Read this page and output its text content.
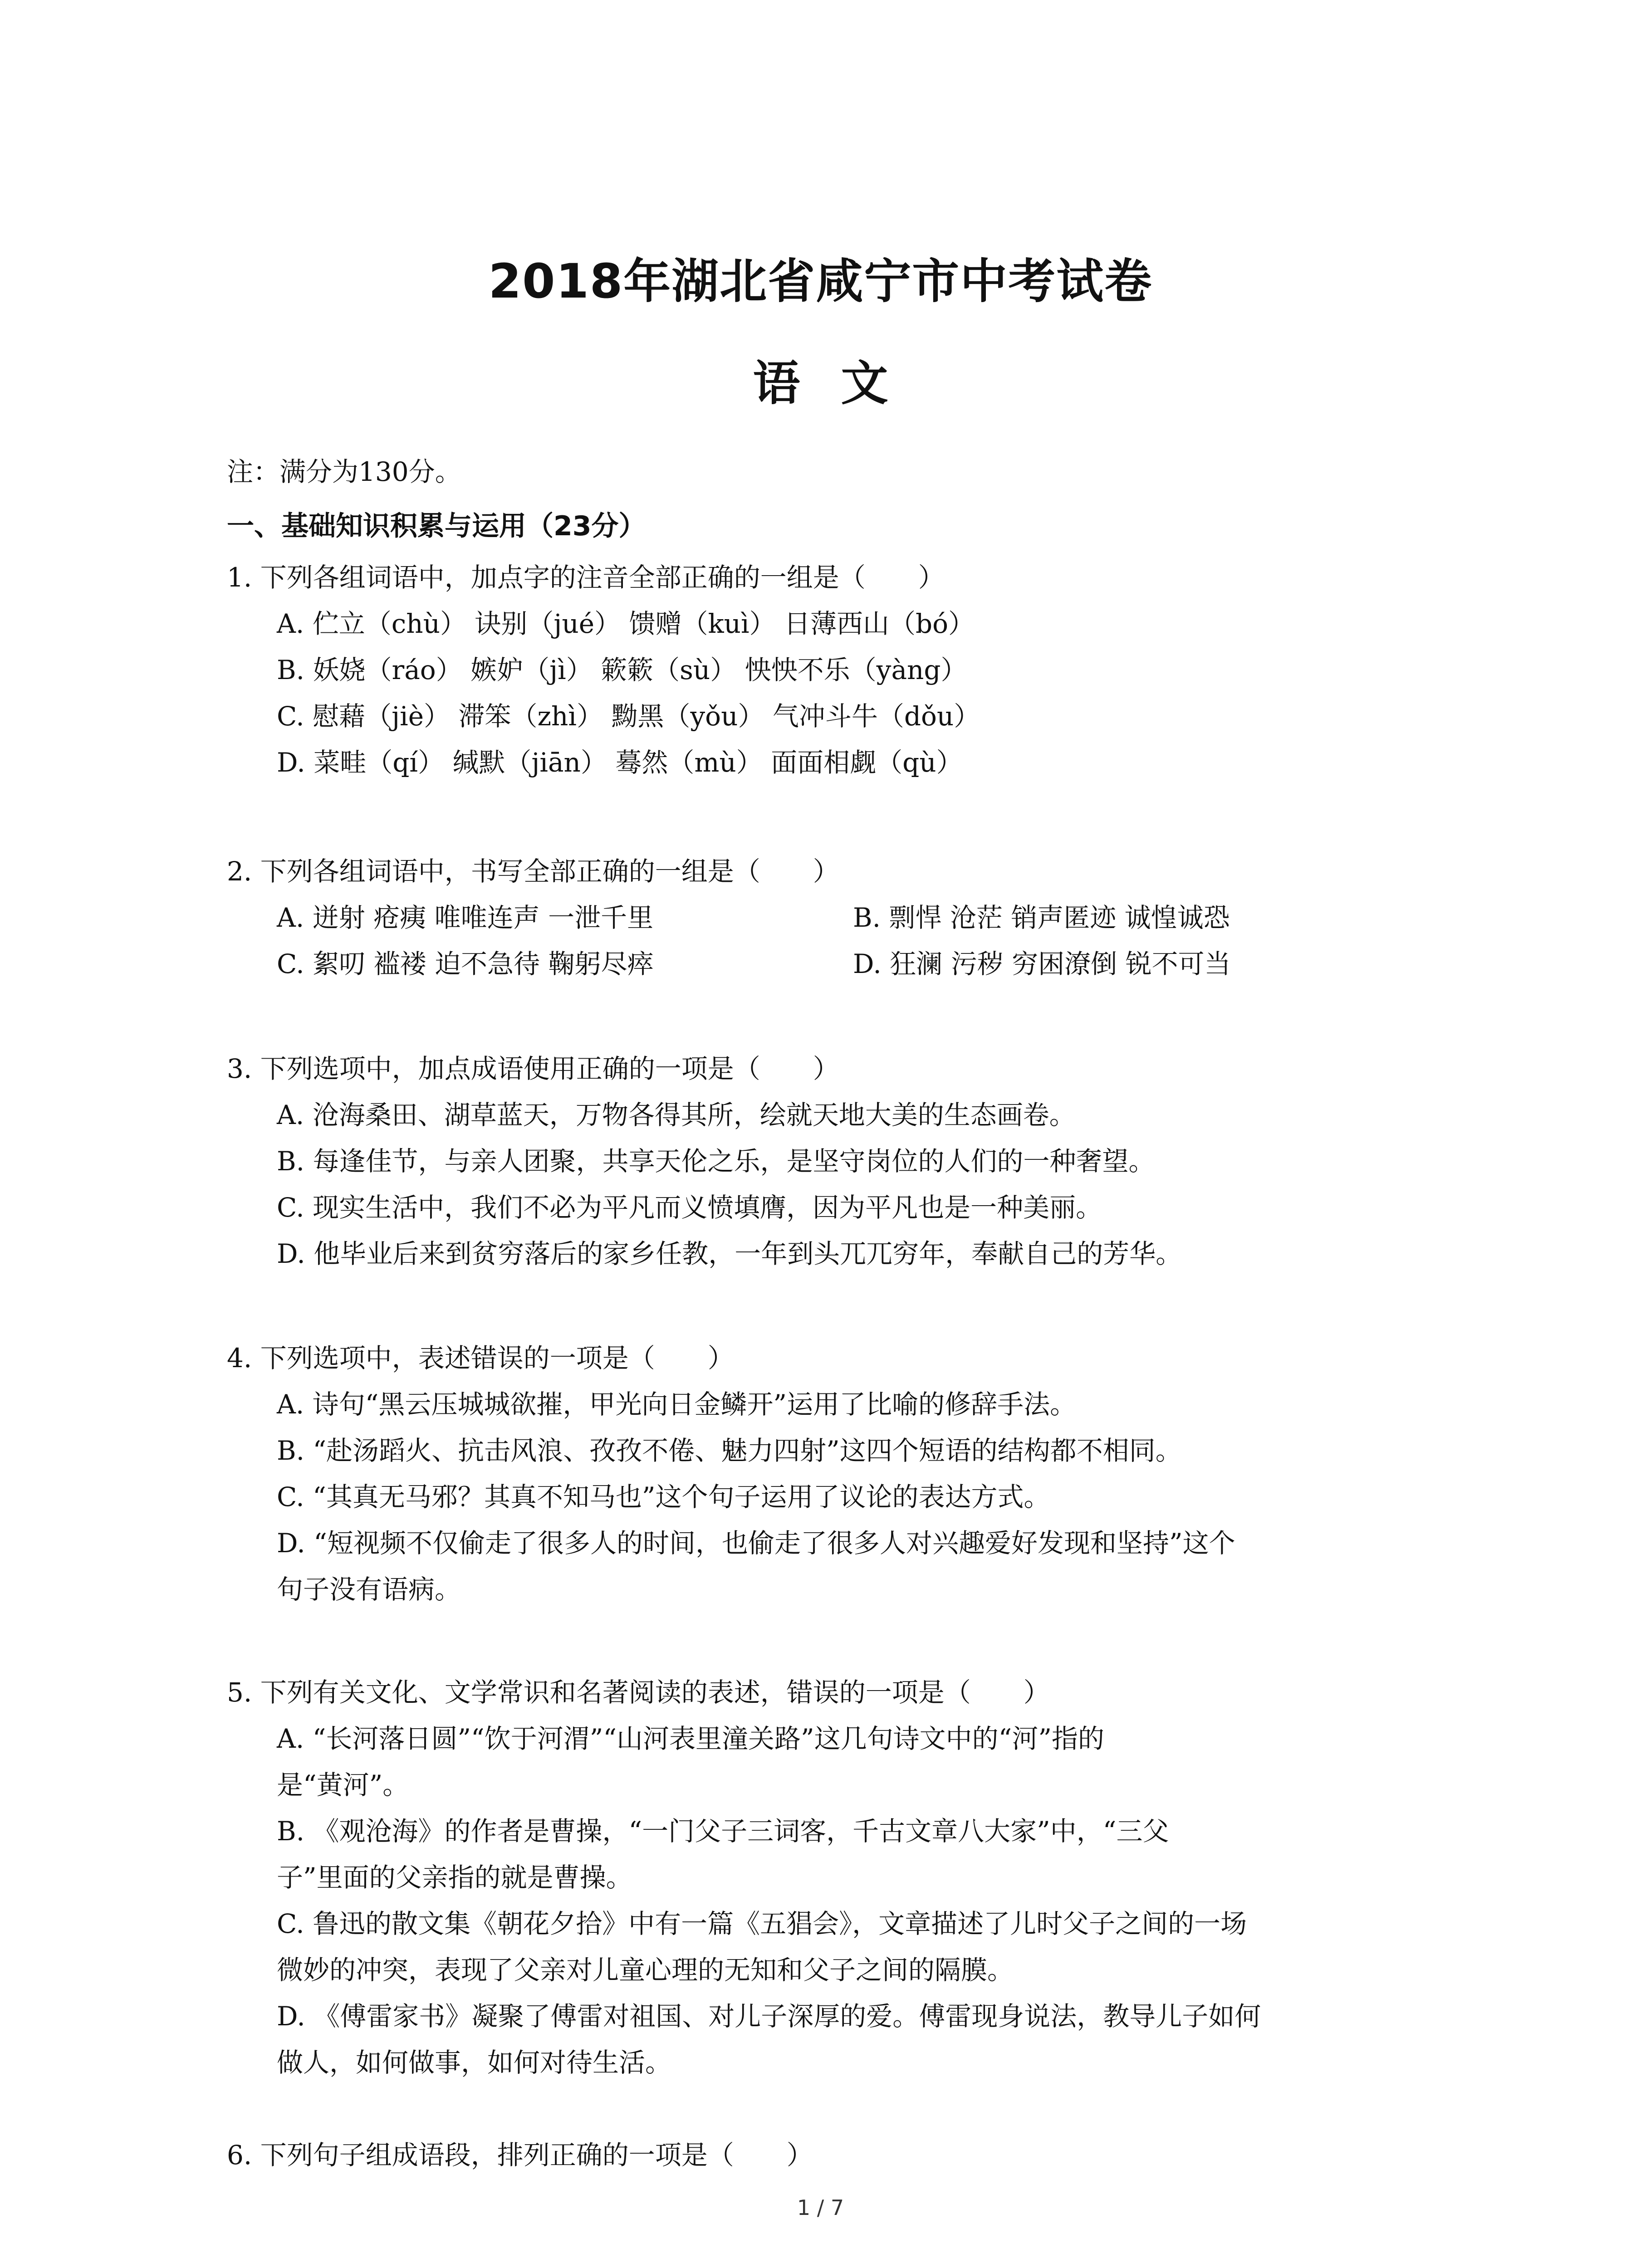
2018年湖北省咸宁市中考试卷
语文
注：满分为130分。
一、基础知识积累与运用（23分）
1. 下列各组词语中，加点字的注音全部正确的一组是（　　）
A. 伫立（chù） 诀别（jué） 馈赠（kuì） 日薄西山（bó）
B. 妖娆（ráo） 嫉妒（jì） 簌簌（sù） 怏怏不乐（yàng）
C. 慰藉（jiè） 滞笨（zhì） 黝黑（yǒu） 气冲斗牛（dǒu）
D. 菜畦（qí） 缄默（jiān） 蓦然（mù） 面面相觑（qù）
2. 下列各组词语中，书写全部正确的一组是（　　）
A. 迸射 疮痍 唯唯连声 一泄千里	B. 剽悍 沧茫 销声匿迹 诚惶诚恐
C. 絮叨 褴褛 迫不急待 鞠躬尽瘁	D. 狂澜 污秽 穷困潦倒 锐不可当
3. 下列选项中，加点成语使用正确的一项是（　　）
A. 沧海桑田、湖草蓝天，万物各得其所，绘就天地大美的生态画卷。
B. 每逢佳节，与亲人团聚，共享天伦之乐，是坚守岗位的人们的一种奢望。
C. 现实生活中，我们不必为平凡而义愤填膺，因为平凡也是一种美丽。
D. 他毕业后来到贫穷落后的家乡任教，一年到头兀兀穷年，奉献自己的芳华。
4. 下列选项中，表述错误的一项是（　　）
A. 诗句“黑云压城城欲摧，甲光向日金鳞开”运用了比喻的修辞手法。
B. “赴汤蹈火、抗击风浪、孜孜不倦、魅力四射”这四个短语的结构都不相同。
C. “其真无马邪？其真不知马也”这个句子运用了议论的表达方式。
D. “短视频不仅偷走了很多人的时间，也偷走了很多人对兴趣爱好发现和坚持”这个
句子没有语病。
5. 下列有关文化、文学常识和名著阅读的表述，错误的一项是（　　）
A. “长河落日圆”“饮于河渭”“山河表里潼关路”这几句诗文中的“河”指的
是“黄河”。
B. 《观沧海》的作者是曹操，“一门父子三词客，千古文章八大家”中，“三父
子”里面的父亲指的就是曹操。
C. 鲁迅的散文集《朝花夕拾》中有一篇《五猖会》，文章描述了儿时父子之间的一场
微妙的冲突，表现了父亲对儿童心理的无知和父子之间的隔膜。
D. 《傅雷家书》凝聚了傅雷对祖国、对儿子深厚的爱。傅雷现身说法，教导儿子如何
做人，如何做事，如何对待生活。
6. 下列句子组成语段，排列正确的一项是（　　）
1 / 7
